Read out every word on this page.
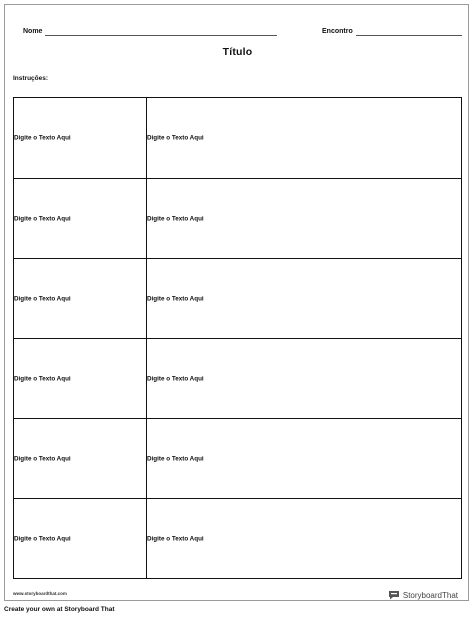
Nome	Encontro
Título
Instruções:
Digite o Texto Aqui	Digite o Texto Aqui
Digite o Texto Aqui	Digite o Texto Aqui
Digite o Texto Aqui	Digite o Texto Aqui
Digite o Texto Aqui	Digite o Texto Aqui
Digite o Texto Aqui	Digite o Texto Aqui
Digite o Texto Aqui	Digite o Texto Aqui
www.storyboardthat.com	StoryboardThat
Create your own at Storyboard That
